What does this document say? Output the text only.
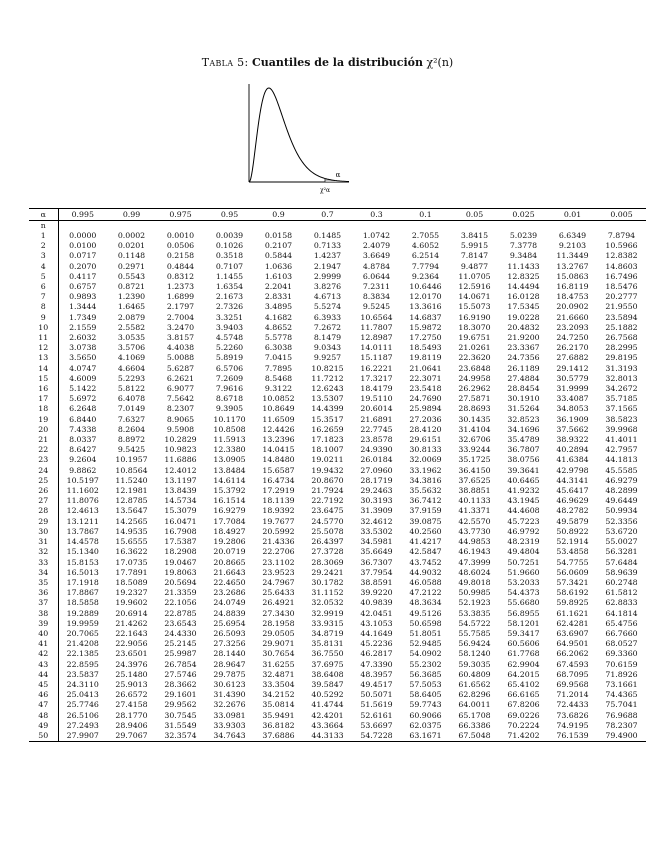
Tabla 5: Cuantiles de la distribución χ²(n)
α
χ²α
α	0.995	0.99	0.975	0.95	0.9	0.7	0.3	0.1	0.05	0.025	0.01	0.005
n												
1	0.0000	0.0002	0.0010	0.0039	0.0158	0.1485	1.0742	2.7055	3.8415	5.0239	6.6349	7.8794
2	0.0100	0.0201	0.0506	0.1026	0.2107	0.7133	2.4079	4.6052	5.9915	7.3778	9.2103	10.5966
3	0.0717	0.1148	0.2158	0.3518	0.5844	1.4237	3.6649	6.2514	7.8147	9.3484	11.3449	12.8382
4	0.2070	0.2971	0.4844	0.7107	1.0636	2.1947	4.8784	7.7794	9.4877	11.1433	13.2767	14.8603
5	0.4117	0.5543	0.8312	1.1455	1.6103	2.9999	6.0644	9.2364	11.0705	12.8325	15.0863	16.7496
6	0.6757	0.8721	1.2373	1.6354	2.2041	3.8276	7.2311	10.6446	12.5916	14.4494	16.8119	18.5476
7	0.9893	1.2390	1.6899	2.1673	2.8331	4.6713	8.3834	12.0170	14.0671	16.0128	18.4753	20.2777
8	1.3444	1.6465	2.1797	2.7326	3.4895	5.5274	9.5245	13.3616	15.5073	17.5345	20.0902	21.9550
9	1.7349	2.0879	2.7004	3.3251	4.1682	6.3933	10.6564	14.6837	16.9190	19.0228	21.6660	23.5894
10	2.1559	2.5582	3.2470	3.9403	4.8652	7.2672	11.7807	15.9872	18.3070	20.4832	23.2093	25.1882
11	2.6032	3.0535	3.8157	4.5748	5.5778	8.1479	12.8987	17.2750	19.6751	21.9200	24.7250	26.7568
12	3.0738	3.5706	4.4038	5.2260	6.3038	9.0343	14.0111	18.5493	21.0261	23.3367	26.2170	28.2995
13	3.5650	4.1069	5.0088	5.8919	7.0415	9.9257	15.1187	19.8119	22.3620	24.7356	27.6882	29.8195
14	4.0747	4.6604	5.6287	6.5706	7.7895	10.8215	16.2221	21.0641	23.6848	26.1189	29.1412	31.3193
15	4.6009	5.2293	6.2621	7.2609	8.5468	11.7212	17.3217	22.3071	24.9958	27.4884	30.5779	32.8013
16	5.1422	5.8122	6.9077	7.9616	9.3122	12.6243	18.4179	23.5418	26.2962	28.8454	31.9999	34.2672
17	5.6972	6.4078	7.5642	8.6718	10.0852	13.5307	19.5110	24.7690	27.5871	30.1910	33.4087	35.7185
18	6.2648	7.0149	8.2307	9.3905	10.8649	14.4399	20.6014	25.9894	28.8693	31.5264	34.8053	37.1565
19	6.8440	7.6327	8.9065	10.1170	11.6509	15.3517	21.6891	27.2036	30.1435	32.8523	36.1909	38.5823
20	7.4338	8.2604	9.5908	10.8508	12.4426	16.2659	22.7745	28.4120	31.4104	34.1696	37.5662	39.9968
21	8.0337	8.8972	10.2829	11.5913	13.2396	17.1823	23.8578	29.6151	32.6706	35.4789	38.9322	41.4011
22	8.6427	9.5425	10.9823	12.3380	14.0415	18.1007	24.9390	30.8133	33.9244	36.7807	40.2894	42.7957
23	9.2604	10.1957	11.6886	13.0905	14.8480	19.0211	26.0184	32.0069	35.1725	38.0756	41.6384	44.1813
24	9.8862	10.8564	12.4012	13.8484	15.6587	19.9432	27.0960	33.1962	36.4150	39.3641	42.9798	45.5585
25	10.5197	11.5240	13.1197	14.6114	16.4734	20.8670	28.1719	34.3816	37.6525	40.6465	44.3141	46.9279
26	11.1602	12.1981	13.8439	15.3792	17.2919	21.7924	29.2463	35.5632	38.8851	41.9232	45.6417	48.2899
27	11.8076	12.8785	14.5734	16.1514	18.1139	22.7192	30.3193	36.7412	40.1133	43.1945	46.9629	49.6449
28	12.4613	13.5647	15.3079	16.9279	18.9392	23.6475	31.3909	37.9159	41.3371	44.4608	48.2782	50.9934
29	13.1211	14.2565	16.0471	17.7084	19.7677	24.5770	32.4612	39.0875	42.5570	45.7223	49.5879	52.3356
30	13.7867	14.9535	16.7908	18.4927	20.5992	25.5078	33.5302	40.2560	43.7730	46.9792	50.8922	53.6720
31	14.4578	15.6555	17.5387	19.2806	21.4336	26.4397	34.5981	41.4217	44.9853	48.2319	52.1914	55.0027
32	15.1340	16.3622	18.2908	20.0719	22.2706	27.3728	35.6649	42.5847	46.1943	49.4804	53.4858	56.3281
33	15.8153	17.0735	19.0467	20.8665	23.1102	28.3069	36.7307	43.7452	47.3999	50.7251	54.7755	57.6484
34	16.5013	17.7891	19.8063	21.6643	23.9523	29.2421	37.7954	44.9032	48.6024	51.9660	56.0609	58.9639
35	17.1918	18.5089	20.5694	22.4650	24.7967	30.1782	38.8591	46.0588	49.8018	53.2033	57.3421	60.2748
36	17.8867	19.2327	21.3359	23.2686	25.6433	31.1152	39.9220	47.2122	50.9985	54.4373	58.6192	61.5812
37	18.5858	19.9602	22.1056	24.0749	26.4921	32.0532	40.9839	48.3634	52.1923	55.6680	59.8925	62.8833
38	19.2889	20.6914	22.8785	24.8839	27.3430	32.9919	42.0451	49.5126	53.3835	56.8955	61.1621	64.1814
39	19.9959	21.4262	23.6543	25.6954	28.1958	33.9315	43.1053	50.6598	54.5722	58.1201	62.4281	65.4756
40	20.7065	22.1643	24.4330	26.5093	29.0505	34.8719	44.1649	51.8051	55.7585	59.3417	63.6907	66.7660
41	21.4208	22.9056	25.2145	27.3256	29.9071	35.8131	45.2236	52.9485	56.9424	60.5606	64.9501	68.0527
42	22.1385	23.6501	25.9987	28.1440	30.7654	36.7550	46.2817	54.0902	58.1240	61.7768	66.2062	69.3360
43	22.8595	24.3976	26.7854	28.9647	31.6255	37.6975	47.3390	55.2302	59.3035	62.9904	67.4593	70.6159
44	23.5837	25.1480	27.5746	29.7875	32.4871	38.6408	48.3957	56.3685	60.4809	64.2015	68.7095	71.8926
45	24.3110	25.9013	28.3662	30.6123	33.3504	39.5847	49.4517	57.5053	61.6562	65.4102	69.9568	73.1661
46	25.0413	26.6572	29.1601	31.4390	34.2152	40.5292	50.5071	58.6405	62.8296	66.6165	71.2014	74.4365
47	25.7746	27.4158	29.9562	32.2676	35.0814	41.4744	51.5619	59.7743	64.0011	67.8206	72.4433	75.7041
48	26.5106	28.1770	30.7545	33.0981	35.9491	42.4201	52.6161	60.9066	65.1708	69.0226	73.6826	76.9688
49	27.2493	28.9406	31.5549	33.9303	36.8182	43.3664	53.6697	62.0375	66.3386	70.2224	74.9195	78.2307
50	27.9907	29.7067	32.3574	34.7643	37.6886	44.3133	54.7228	63.1671	67.5048	71.4202	76.1539	79.4900
